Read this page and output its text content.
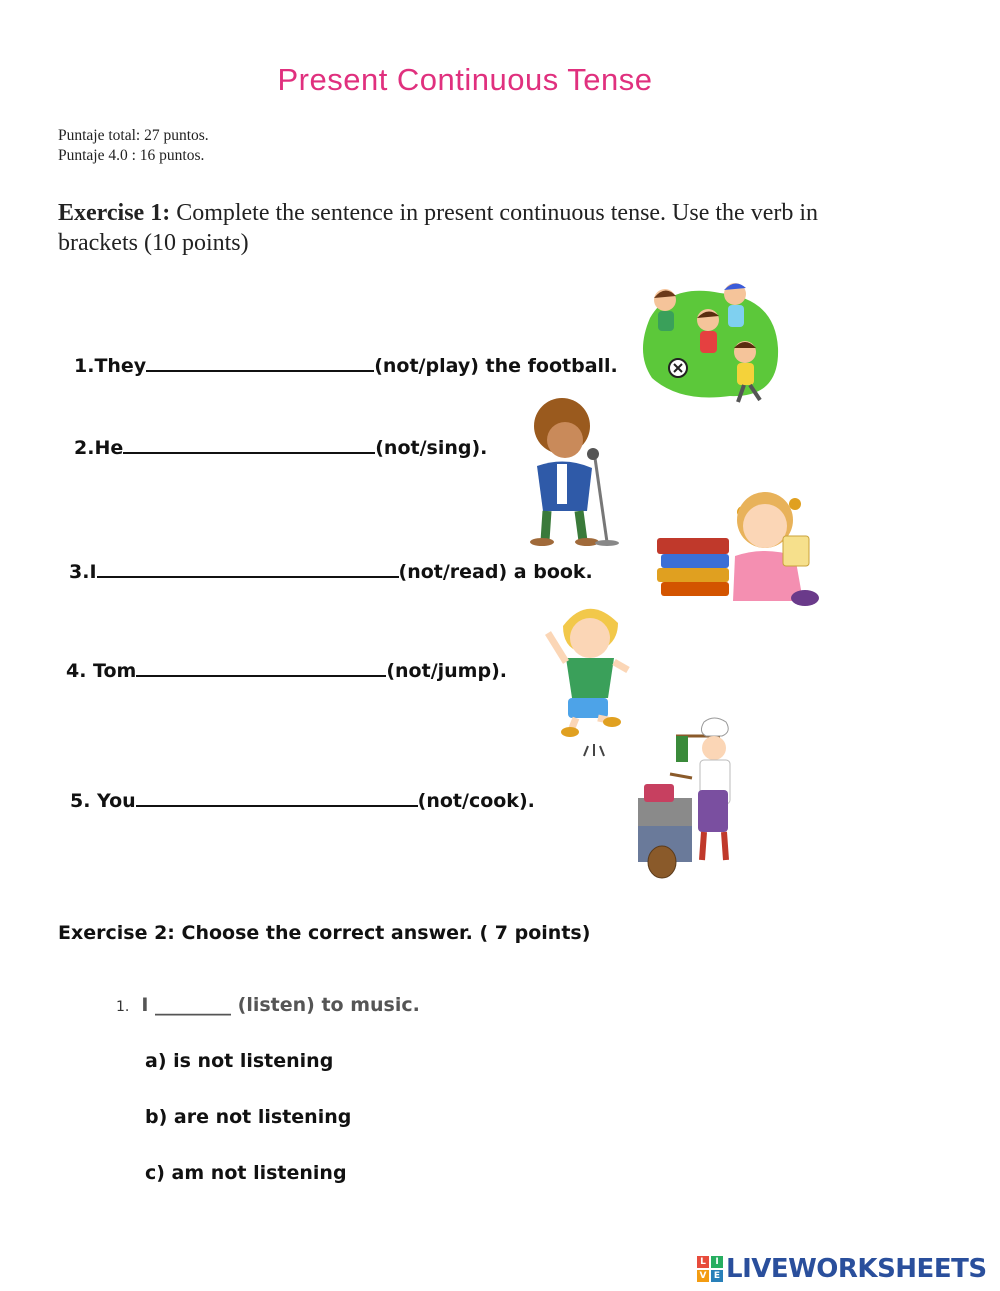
Present Continuous Tense
Puntaje total: 27 puntos.
Puntaje 4.0 : 16 puntos.
Exercise 1: Complete the sentence in present continuous tense. Use the verb in brackets (10 points)
1.They	(not/play) the football.
2.He	(not/sing).
3.I	(not/read) a book.
4. Tom	(not/jump).
5. You	(not/cook).
Exercise 2: Choose the correct answer. ( 7 points)
1. I ________ (listen) to music.
a) is not listening
b) are not listening
c) am not listening
L	I
V E LIVEWORKSHEETS
